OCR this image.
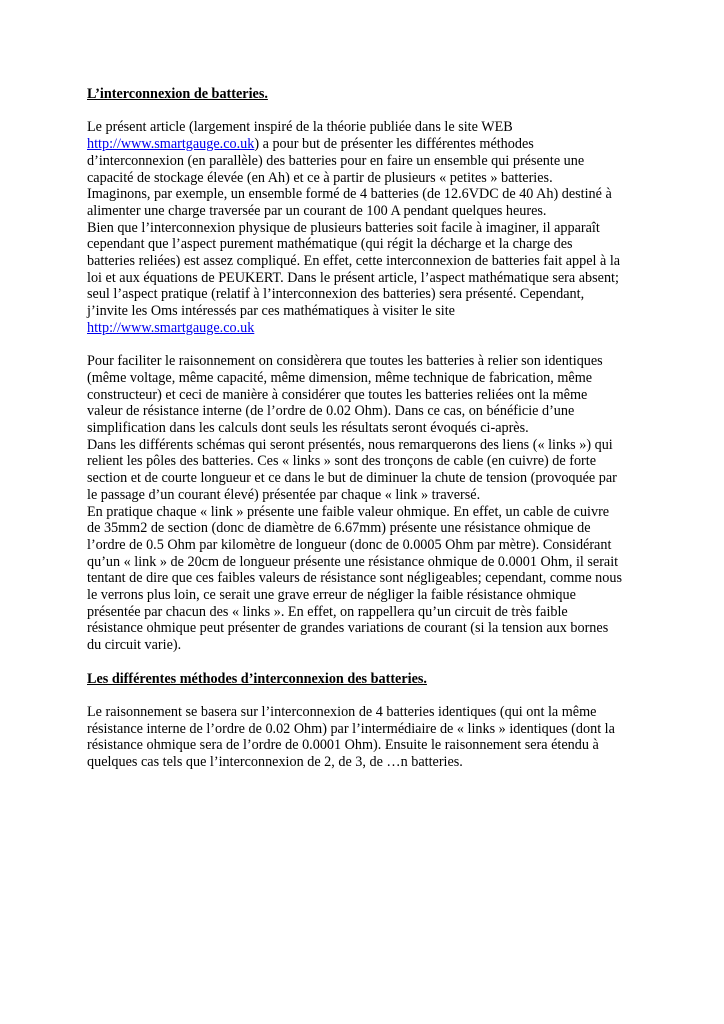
L’interconnexion de batteries.
Le présent article (largement inspiré de la théorie publiée dans le site WEB
http://www.smartgauge.co.uk) a pour but de présenter les différentes méthodes
d’interconnexion (en parallèle) des batteries pour en faire un ensemble qui présente une
capacité de stockage élevée (en Ah) et ce à partir de plusieurs « petites » batteries.
Imaginons, par exemple, un ensemble formé de 4 batteries (de 12.6VDC de 40 Ah) destiné à
alimenter une charge traversée par un courant de 100 A pendant quelques heures.
Bien que l’interconnexion physique de plusieurs batteries soit facile à imaginer, il apparaît
cependant que l’aspect purement mathématique (qui régit la décharge et la charge des
batteries reliées) est assez compliqué. En effet, cette interconnexion de batteries fait appel à la
loi et aux équations de PEUKERT. Dans le présent article, l’aspect mathématique sera absent;
seul l’aspect pratique (relatif à l’interconnexion des batteries) sera présenté. Cependant,
j’invite les Oms intéressés par ces mathématiques à visiter le site
http://www.smartgauge.co.uk
Pour faciliter le raisonnement on considèrera que toutes les batteries à relier son identiques
(même voltage, même capacité, même dimension, même technique de fabrication, même
constructeur) et ceci de manière à considérer que toutes les batteries reliées ont la même
valeur de résistance interne (de l’ordre de 0.02 Ohm). Dans ce cas, on bénéficie d’une
simplification dans les calculs dont seuls les résultats seront évoqués ci-après.
Dans les différents schémas qui seront présentés, nous remarquerons des liens (« links ») qui
relient les pôles des batteries. Ces « links » sont des tronçons de cable (en cuivre) de forte
section et de courte longueur et ce dans le but de diminuer la chute de tension (provoquée par
le passage d’un courant élevé) présentée par chaque « link » traversé.
En pratique chaque « link » présente une faible valeur ohmique. En effet, un cable de cuivre
de 35mm2 de section (donc de diamètre de 6.67mm) présente une résistance ohmique de
l’ordre de 0.5 Ohm par kilomètre de longueur (donc de 0.0005 Ohm par mètre). Considérant
qu’un « link » de 20cm de longueur présente une résistance ohmique de 0.0001 Ohm, il serait
tentant de dire que ces faibles valeurs de résistance sont négligeables; cependant, comme nous
le verrons plus loin, ce serait une grave erreur de négliger la faible résistance ohmique
présentée par chacun des « links ». En effet, on rappellera qu’un circuit de très faible
résistance ohmique peut présenter de grandes variations de courant (si la tension aux bornes
du circuit varie).
Les différentes méthodes d’interconnexion des batteries.
Le raisonnement se basera sur l’interconnexion de 4 batteries identiques (qui ont la même
résistance interne de l’ordre de 0.02 Ohm) par l’intermédiaire de « links » identiques (dont la
résistance ohmique sera de l’ordre de 0.0001 Ohm). Ensuite le raisonnement sera étendu à
quelques cas tels que l’interconnexion de 2, de 3, de …n batteries.
